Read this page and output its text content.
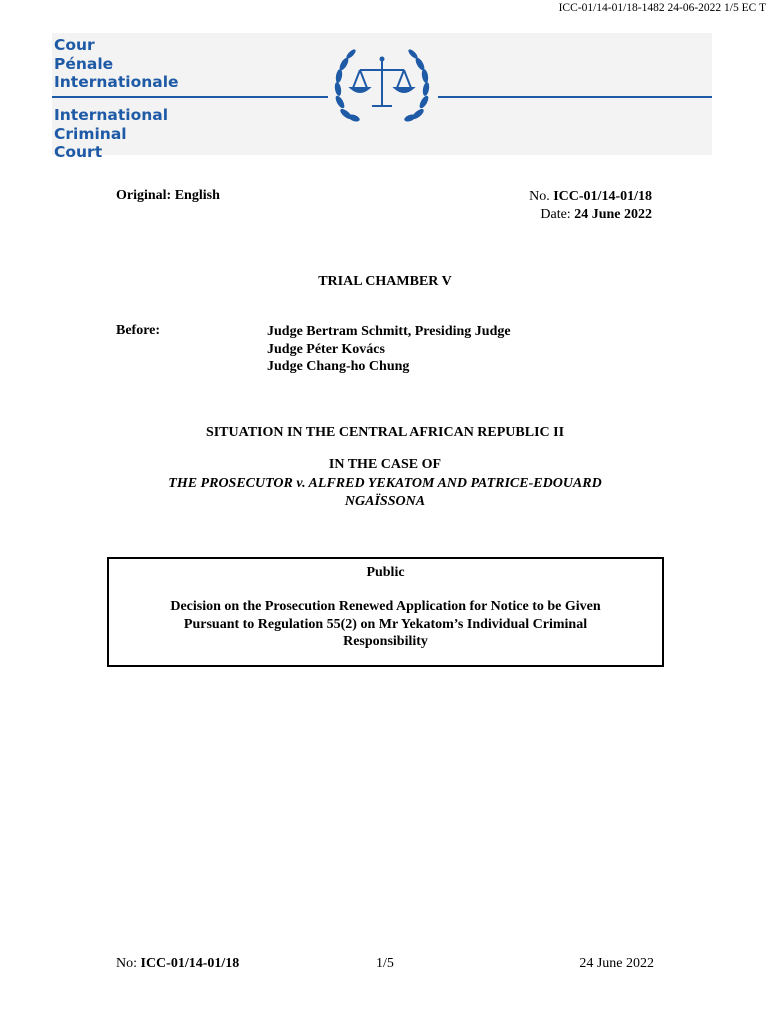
ICC-01/14-01/18-1482 24-06-2022 1/5 EC T
Cour
Pénale
Internationale
International
Criminal
Court
Original: English	No. ICC-01/14-01/18
Date: 24 June 2022
TRIAL CHAMBER V
Before:	Judge Bertram Schmitt, Presiding Judge
Judge Péter Kovács
Judge Chang-ho Chung
SITUATION IN THE CENTRAL AFRICAN REPUBLIC II
IN THE CASE OF
THE PROSECUTOR v. ALFRED YEKATOM AND PATRICE-EDOUARD
NGAÏSSONA
Public
Decision on the Prosecution Renewed Application for Notice to be Given
Pursuant to Regulation 55(2) on Mr Yekatom’s Individual Criminal
Responsibility
No: ICC-01/14-01/18	1/5	24 June 2022
